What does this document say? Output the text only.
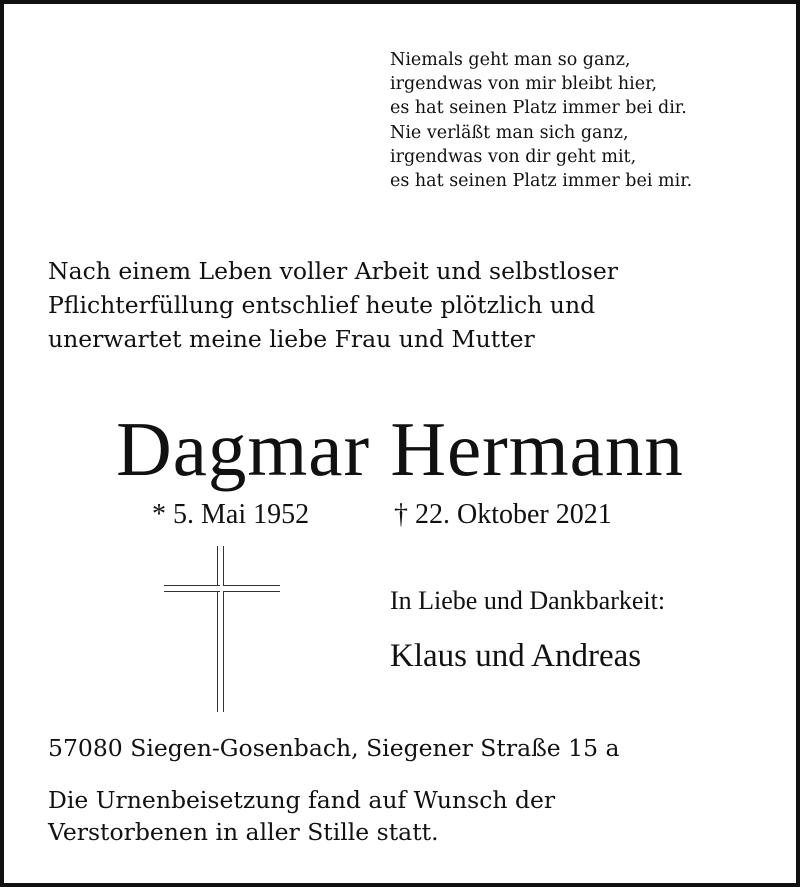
Niemals geht man so ganz,
irgendwas von mir bleibt hier,
es hat seinen Platz immer bei dir.
Nie verläßt man sich ganz,
irgendwas von dir geht mit,
es hat seinen Platz immer bei mir.
Nach einem Leben voller Arbeit und selbstloser
Pflichterfüllung entschlief heute plötzlich und
unerwartet meine liebe Frau und Mutter
Dagmar Hermann
* 5. Mai 1952	† 22. Oktober 2021
In Liebe und Dankbarkeit:
Klaus und Andreas
57080 Siegen-Gosenbach, Siegener Straße 15 a
Die Urnenbeisetzung fand auf Wunsch der
Verstorbenen in aller Stille statt.
